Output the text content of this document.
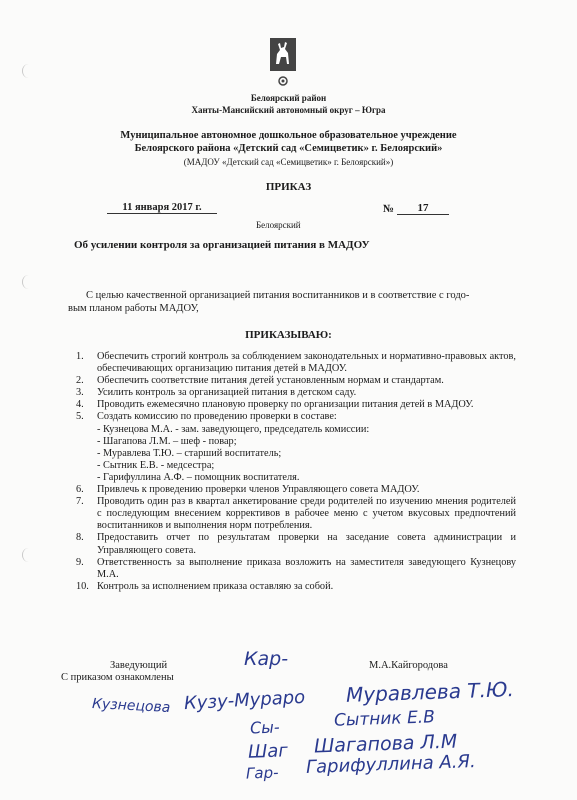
Белоярский район
Ханты-Мансийский автономный округ – Югра
Муниципальное автономное дошкольное образовательное учреждение
Белоярского района «Детский сад «Семицветик» г. Белоярский»
(МАДОУ «Детский сад «Семицветик» г. Белоярский»)
ПРИКАЗ
11 января 2017 г.	№	17
Белоярский
Об усилении контроля за организацией питания в МАДОУ
С целью качественной организацией питания воспитанников и в соответствие с годо-
вым планом работы МАДОУ,
ПРИКАЗЫВАЮ:
1. Обеспечить строгий контроль за соблюдением законодательных и нормативно-правовых актов, обеспечивающих организацию питания детей в МАДОУ.
2. Обеспечить соответствие питания детей установленным нормам и стандартам.
3. Усилить контроль за организацией питания в детском саду.
4. Проводить ежемесячно плановую проверку по организации питания детей в МАДОУ.
5. Создать комиссию по проведению проверки в составе:
- Кузнецова М.А. - зам. заведующего, председатель комиссии:
- Шагапова Л.М. – шеф - повар;
- Муравлева Т.Ю. – старший воспитатель;
- Сытник Е.В. - медсестра;
- Гарифуллина А.Ф. – помощник воспитателя.
6. Привлечь к проведению проверки членов Управляющего совета МАДОУ.
7. Проводить один раз в квартал анкетирование среди родителей по изучению мнения родителей с последующим внесением коррективов в рабочее меню с учетом вкусовых предпочтений воспитанников и выполнения норм потребления.
8. Предоставить отчет по результатам проверки на заседание совета администрации и Управляющего совета.
9. Ответственность за выполнение приказа возложить на заместителя заведующего Кузнецову М.А.
10. Контроль за исполнением приказа оставляю за собой.
Заведующий	М.А.Кайгородова
С приказом ознакомлены
Кар-
Кузнецова Кузу-Мураро Муравлева Т.Ю.
Сы-	Сытник Е.В
Шаг Шагапова Л.М
Гар- Гарифуллина А.Я.
